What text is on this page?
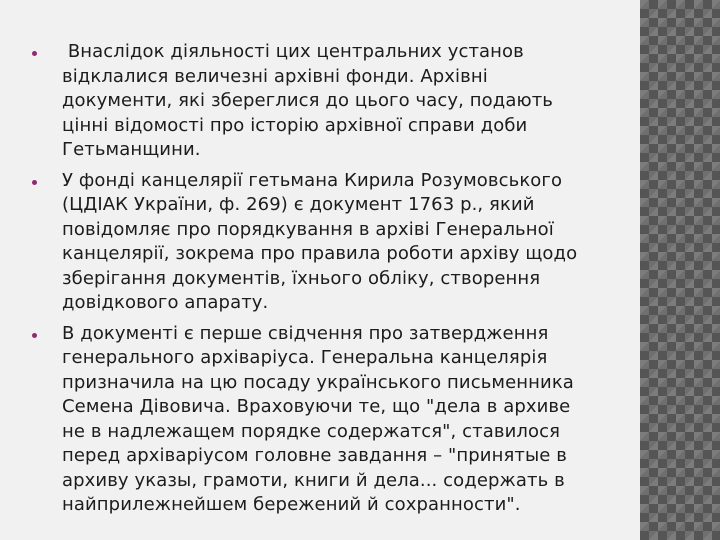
Внаслідок діяльності цих центральних установ відклалися величезні архівні фонди. Архівні документи, які збереглися до цього часу, подають цінні відомості про історію архівної справи доби Гетьманщини.
У фонді канцелярії гетьмана Кирила Розумовського (ЦДІАК України, ф. 269) є документ 1763 р., який повідомляє про порядкування в архіві Генеральної канцелярії, зокрема про правила роботи архіву щодо зберігання документів, їхнього обліку, створення довідкового апарату.
В документі є перше свідчення про затвердження генерального архіваріуса. Генеральна канцелярія призначила на цю посаду українського письменника Семена Дівовича. Враховуючи те, що "дела в архиве не в надлежащем порядке содержатся", ставилося перед архіваріусом головне завдання – "принятые в архиву указы, грамоти, книги й дела... содержать в найприлежнейшем бережений й сохранности".
